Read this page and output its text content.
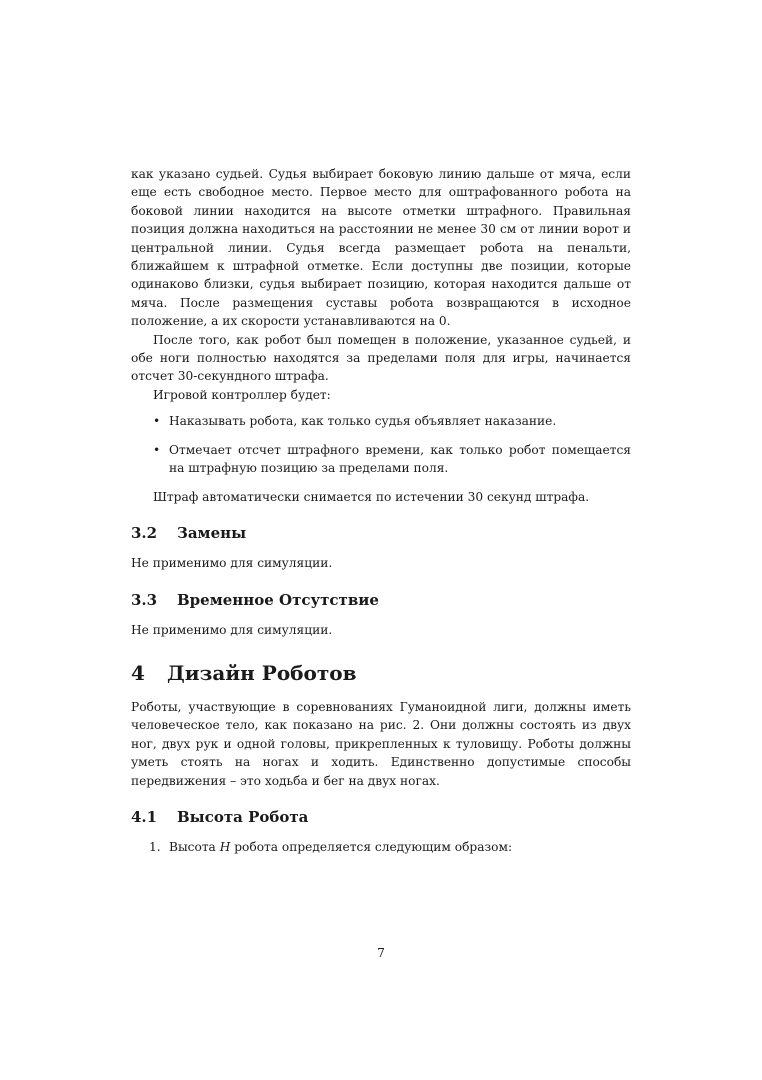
как указано судьей. Судья выбирает боковую линию дальше от мяча, если еще есть свободное место. Первое место для оштрафованного робота на боковой линии находится на высоте отметки штрафного. Правильная позиция должна находиться на расстоянии не менее 30 см от линии ворот и центральной линии. Судья всегда размещает робота на пенальти, ближайшем к штрафной отметке. Если доступны две позиции, которые одинаково близки, судья выбирает позицию, которая находится дальше от мяча. После размещения суставы робота возвращаются в исходное положение, а их скорости устанавливаются на 0.

После того, как робот был помещен в положение, указанное судьей, и обе ноги полностью находятся за пределами поля для игры, начинается отсчет 30-секундного штрафа.

Игровой контроллер будет:

• Наказывать робота, как только судья объявляет наказание.
• Отмечает отсчет штрафного времени, как только робот помещается на штрафную позицию за пределами поля.

Штраф автоматически снимается по истечении 30 секунд штрафа.

3.2 Замены

Не применимо для симуляции.

3.3 Временное Отсутствие

Не применимо для симуляции.

4 Дизайн Роботов

Роботы, участвующие в соревнованиях Гуманоидной лиги, должны иметь человеческое тело, как показано на рис. 2. Они должны состоять из двух ног, двух рук и одной головы, прикрепленных к туловищу. Роботы должны уметь стоять на ногах и ходить. Единственно допустимые способы передвижения – это ходьба и бег на двух ногах.

4.1 Высота Робота
1. Высота H робота определяется следующим образом:
7
